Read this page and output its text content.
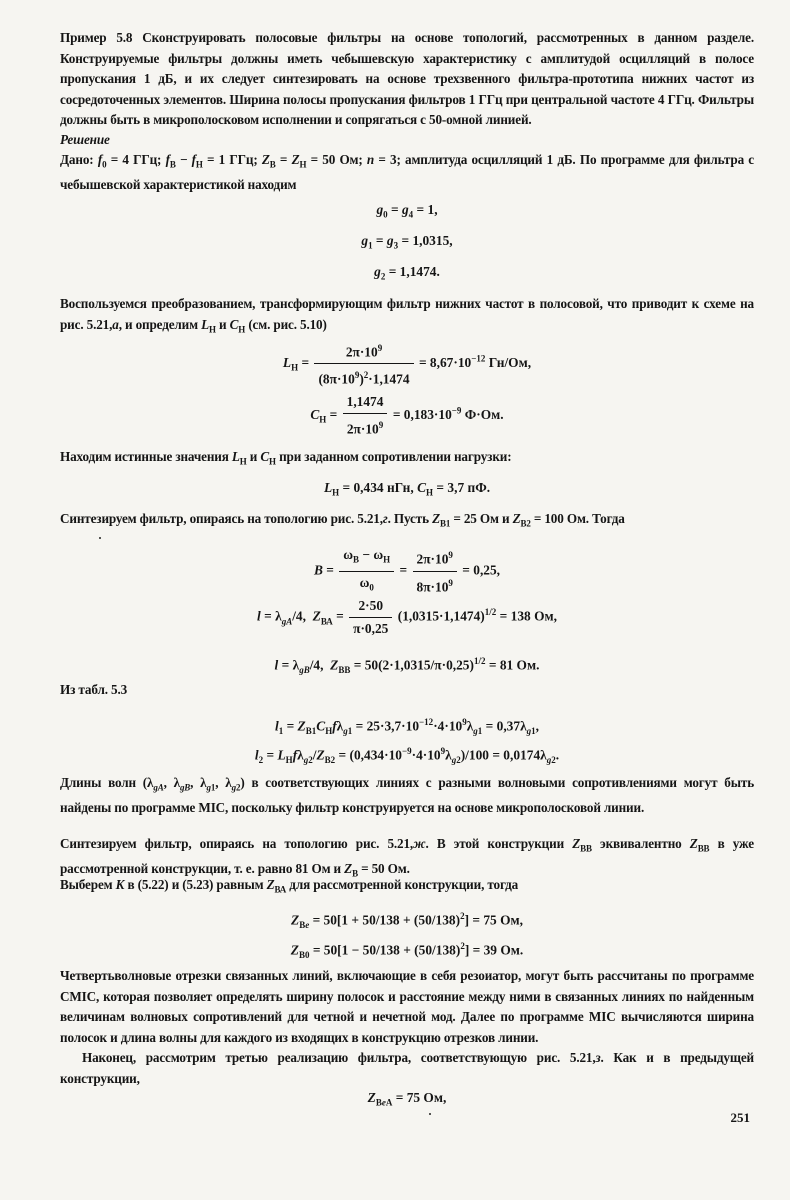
Пример 5.8 Сконструировать полосовые фильтры на основе топологий, рассмотренных в данном разделе. Конструируемые фильтры должны иметь чебышевскую характеристику с амплитудой осцилляций в полосе пропускания 1 дБ, и их следует синтезировать на основе трехзвенного фильтра-прототипа нижних частот из сосредоточенных элементов. Ширина полосы пропускания фильтров 1 ГГц при центральной частоте 4 ГГц. Фильтры должны быть в микрополосковом исполнении и сопрягаться с 50-омной линией.
Решение
Дано: $f_0 = 4$ ГГц; $f_В - f_Н = 1$ ГГц; $Z_В = Z_Н = 50$ Ом; n = 3; амплитуда осцилляций 1 дБ. По программе для фильтра с чебышевской характеристикой находим
$g_0 = g_4 = 1$,
$g_1 = g_3 = 1,0315$,
$g_2 = 1,1474$.
Воспользуемся преобразованием, трансформирующим фильтр нижних частот в полосовой, что приводит к схеме на рис. 5.21,а, и определим $L_Н$ и $C_Н$ (см. рис. 5.10)
$L_Н = \frac{2\pi\cdot 10^9}{(8\pi\cdot 10^9)^2\cdot 1,1474} = 8,67\cdot 10^{-12}$ Гн/Ом,
$C_Н = \frac{1,1474}{2\pi\cdot 10^9} = 0,183\cdot 10^{-9}$ Ф·Ом.
Находим истинные значения $L_Н$ и $C_Н$ при заданном сопротивлении нагрузки:
$L_Н = 0,434$ нГн, $C_Н = 3,7$ пФ.
Синтезируем фильтр, опираясь на топологию рис. 5.21,г. Пусть $Z_{В1} = 25$ Ом и $Z_{В2} = 100$ Ом. Тогда
$B = \frac{\omega_В - \omega_Н}{\omega_0} = \frac{2\pi\cdot 10^9}{8\pi\cdot 10^9} = 0,25$,
$l = \lambda_{gA}/4$,  $Z_{ВА} = \frac{2\cdot 50}{\pi\cdot 0,25} (1,0315\cdot 1,1474)^{1/2} = 138$ Ом,
$l = \lambda_{gB}/4$,  $Z_{ВВ} = 50(2\cdot 1,0315/\pi\cdot 0,25)^{1/2} = 81$ Ом.
Из табл. 5.3
$l_1 = Z_{В1}C_Нf\lambda_{g1} = 25\cdot 3,7\cdot 10^{-12}\cdot 4\cdot 10^9\lambda_{g1} = 0,37\lambda_{g1}$,
$l_2 = L_Нf\lambda_{g2}/Z_{В2} = (0,434\cdot 10^{-9}\cdot 4\cdot 10^9\lambda_{g2})/100 = 0,0174\lambda_{g2}$.
Длины волн ($\lambda_{gA}$, $\lambda_{gB}$, $\lambda_{g1}$, $\lambda_{g2}$) в соответствующих линиях с разными волновыми сопротивлениями могут быть найдены по программе MIC, поскольку фильтр конструируется на основе микрополосковой линии.
Синтезируем фильтр, опираясь на топологию рис. 5.21,ж. В этой конструкции $Z_{ВВ}$ эквивалентно $Z_{ВВ}$ в уже рассмотренной конструкции, т. е. равно 81 Ом и $Z_В = 50$ Ом.
Выберем K в (5.22) и (5.23) равным $Z_{ВА}$ для рассмотренной конструкции, тогда
$Z_{Вe} = 50[1 + 50/138 + (50/138)^2] = 75$ Ом,
$Z_{В0} = 50[1 - 50/138 + (50/138)^2] = 39$ Ом.
Четвертьволновые отрезки связанных линий, включающие в себя резоиатор, могут быть рассчитаны по программе CMIC, которая позволяет определять ширину полосок и расстояние между ними в связанных линиях по найденным величинам волновых сопротивлений для четной и нечетной мод. Далее по программе MIC вычисляются ширина полосок и длина волны для каждого из входящих в конструкцию отрезков линии.
Наконец, рассмотрим третью реализацию фильтра, соответствующую рис. 5.21,з. Как и в предыдущей конструкции,
$Z_{ВeА} = 75$ Ом,
251
